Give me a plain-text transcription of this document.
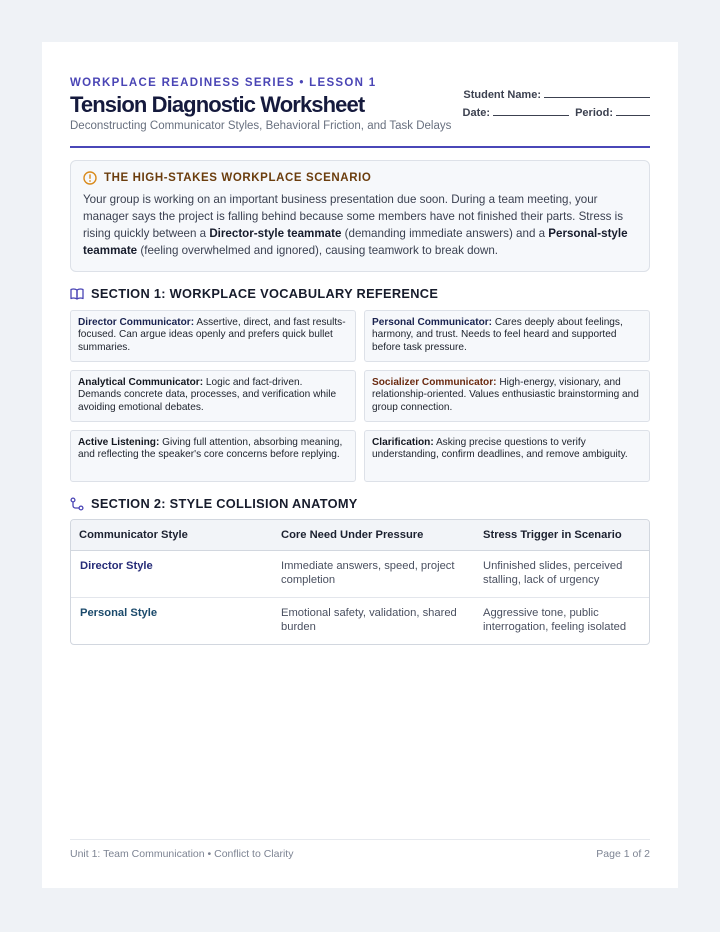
WORKPLACE READINESS SERIES • LESSON 1

Tension Diagnostic Worksheet

Deconstructing Communicator Styles, Behavioral Friction, and Task Delays

Student Name:
Date:	Period:
THE HIGH-STAKES WORKPLACE SCENARIO
Your group is working on an important business presentation due soon. During a team meeting, your manager says the project is falling behind because some members have not finished their parts. Stress is rising quickly between a Director-style teammate (demanding immediate answers) and a Personal-style teammate (feeling overwhelmed and ignored), causing teamwork to break down.
SECTION 1: WORKPLACE VOCABULARY REFERENCE
Director Communicator: Assertive, direct, and fast results-focused. Can argue ideas openly and prefers quick bullet summaries.
Personal Communicator: Cares deeply about feelings, harmony, and trust. Needs to feel heard and supported before task pressure.
Analytical Communicator: Logic and fact-driven. Demands concrete data, processes, and verification while avoiding emotional debates.
Socializer Communicator: High-energy, visionary, and relationship-oriented. Values enthusiastic brainstorming and group connection.
Active Listening: Giving full attention, absorbing meaning, and reflecting the speaker's core concerns before replying.
Clarification: Asking precise questions to verify understanding, confirm deadlines, and remove ambiguity.
SECTION 2: STYLE COLLISION ANATOMY
Communicator Style	Core Need Under Pressure	Stress Trigger in Scenario
Director Style	Immediate answers, speed, project completion	Unfinished slides, perceived stalling, lack of urgency
Personal Style	Emotional safety, validation, shared burden	Aggressive tone, public interrogation, feeling isolated
Unit 1: Team Communication • Conflict to Clarity	Page 1 of 2
